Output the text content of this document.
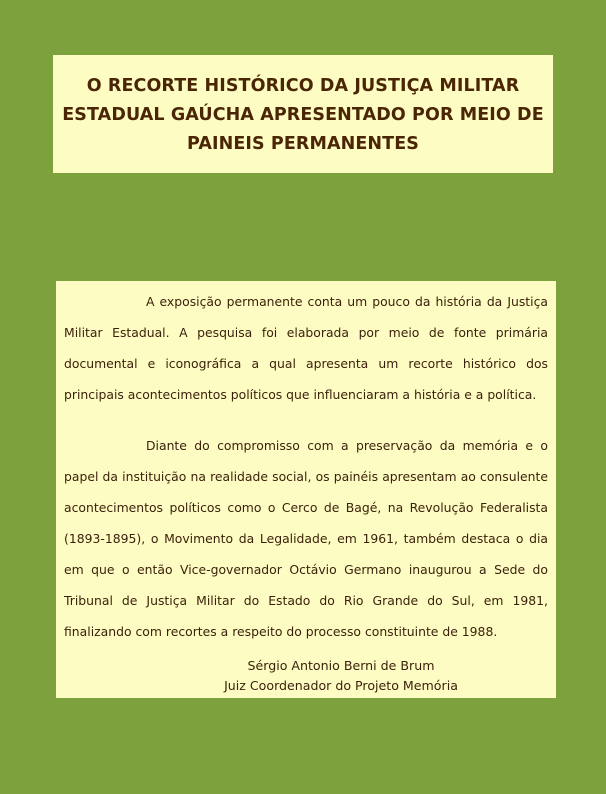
O RECORTE HISTÓRICO DA JUSTIÇA MILITAR
ESTADUAL GAÚCHA APRESENTADO POR MEIO DE
PAINEIS PERMANENTES

A exposição permanente conta um pouco da história da Justiça Militar Estadual. A pesquisa foi elaborada por meio de fonte primária documental e iconográfica a qual apresenta um recorte histórico dos principais acontecimentos políticos que influenciaram a história e a política.

Diante do compromisso com a preservação da memória e o papel da instituição na realidade social, os painéis apresentam ao consulente acontecimentos políticos como o Cerco de Bagé, na Revolução Federalista (1893-1895), o Movimento da Legalidade, em 1961, também destaca o dia em que o então Vice-governador Octávio Germano inaugurou a Sede do Tribunal de Justiça Militar do Estado do Rio Grande do Sul, em 1981, finalizando com recortes a respeito do processo constituinte de 1988.

Sérgio Antonio Berni de Brum
Juiz Coordenador do Projeto Memória
